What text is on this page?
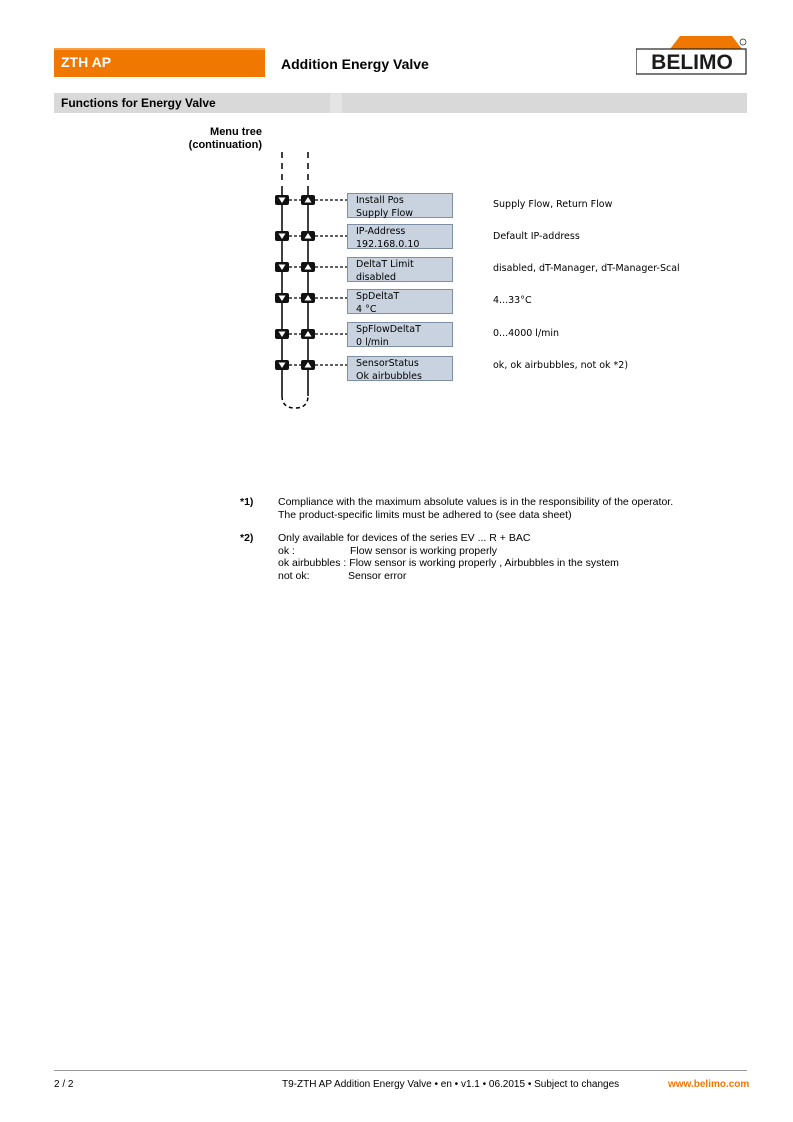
ZTH AP	Addition Energy Valve	BELIMO
Functions for Energy Valve
Menu tree
(continuation)
Install Pos
Supply Flow
Supply Flow, Return Flow
IP-Address
192.168.0.10
Default IP-address
DeltaT Limit
disabled
disabled, dT-Manager, dT-Manager-Scal
SpDeltaT
4 °C
4...33°C
SpFlowDeltaT
0 l/min
0...4000 l/min
SensorStatus
Ok airbubbles
ok, ok airbubbles, not ok *2)
*1) Compliance with the maximum absolute values is in the responsibility of the operator.
The product-specific limits must be adhered to (see data sheet)
*2) Only available for devices of the series EV ... R + BAC
ok :	Flow sensor is working properly
ok airbubbles : Flow sensor is working properly , Airbubbles in the system
not ok:	Sensor error
2 / 2	T9-ZTH AP Addition Energy Valve • en • v1.1 • 06.2015 • Subject to changes	www.belimo.com
